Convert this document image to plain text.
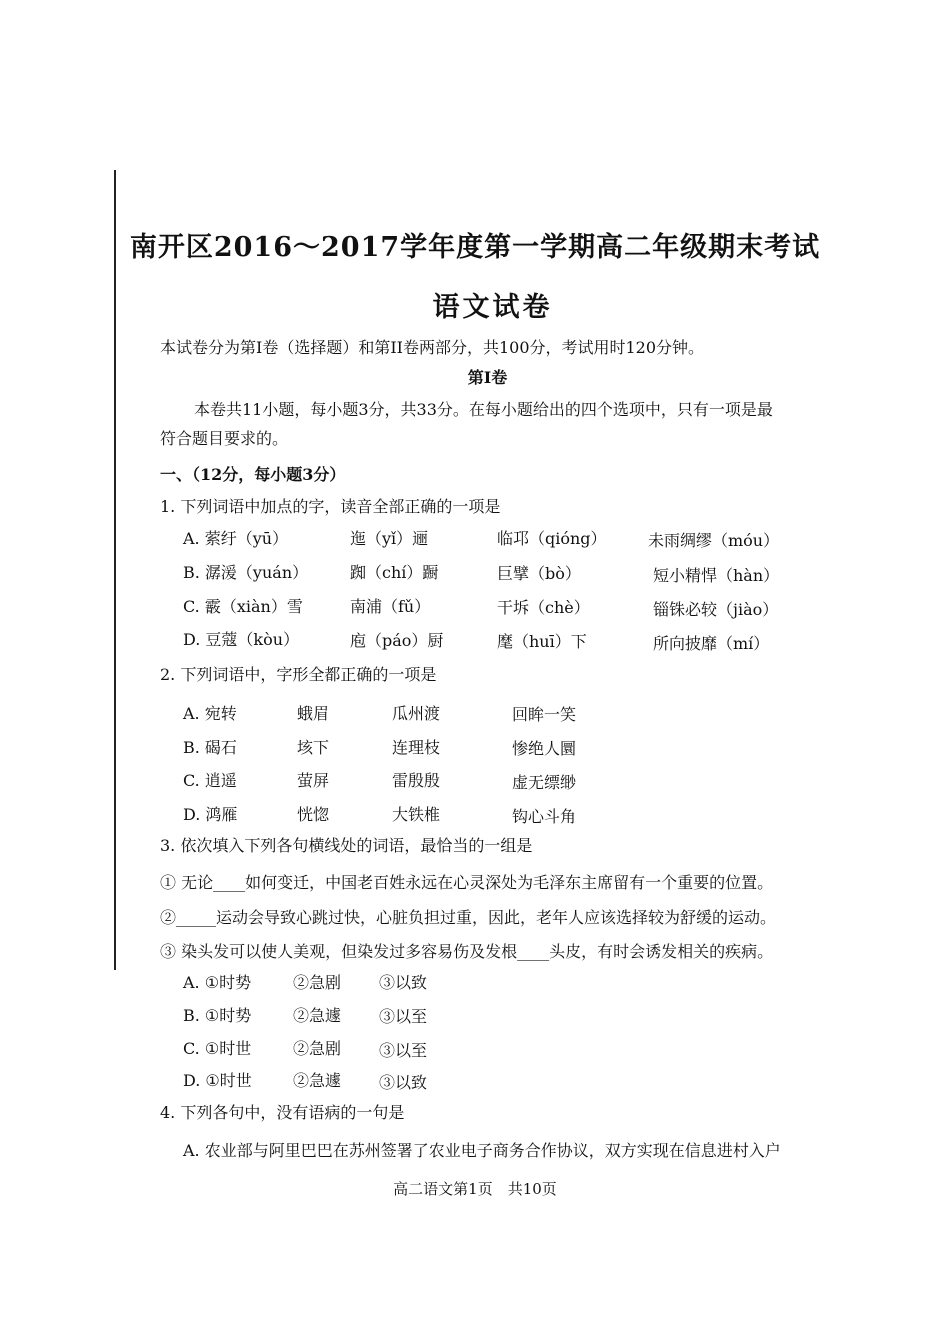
南开区2016～2017学年度第一学期高二年级期末考试
语文试卷
本试卷分为第Ⅰ卷（选择题）和第II卷两部分，共100分，考试用时120分钟。
第Ⅰ卷
本卷共11小题，每小题3分，共33分。在每小题给出的四个选项中，只有一项是最
符合题目要求的。
一、（12分，每小题3分）
1. 下列词语中加点的字，读音全部正确的一项是
A. 萦纡（yū）	迤（yǐ）逦	临邛（qióng）	未雨绸缪（móu）
B. 潺湲（yuán）	踟（chí）蹰	巨擘（bò）	短小精悍（hàn）
C. 霰（xiàn）雪	南浦（fǔ）	干坼（chè）	锱铢必较（jiào）
D. 豆蔻（kòu）	庖（páo）厨	麾（huī）下	所向披靡（mí）
2. 下列词语中，字形全都正确的一项是
A. 宛转	蛾眉	瓜州渡	回眸一笑
B. 碣石	垓下	连理枝	惨绝人圜
C. 逍遥	萤屏	雷殷殷	虚无缥缈
D. 鸿雁	恍惚	大铁椎	钩心斗角
3. 依次填入下列各句横线处的词语，最恰当的一组是
① 无论____如何变迁，中国老百姓永远在心灵深处为毛泽东主席留有一个重要的位置。
②_____运动会导致心跳过快，心脏负担过重，因此，老年人应该选择较为舒缓的运动。
③ 染头发可以使人美观，但染发过多容易伤及发根____头皮，有时会诱发相关的疾病。
A. ①时势	②急剧 ③以致
B. ①时势	②急遽 ③以至
C. ①时世	②急剧 ③以至
D. ①时世	②急遽 ③以致
4. 下列各句中，没有语病的一句是
A. 农业部与阿里巴巴在苏州签署了农业电子商务合作协议，双方实现在信息进村入户
高二语文第1页　共10页
